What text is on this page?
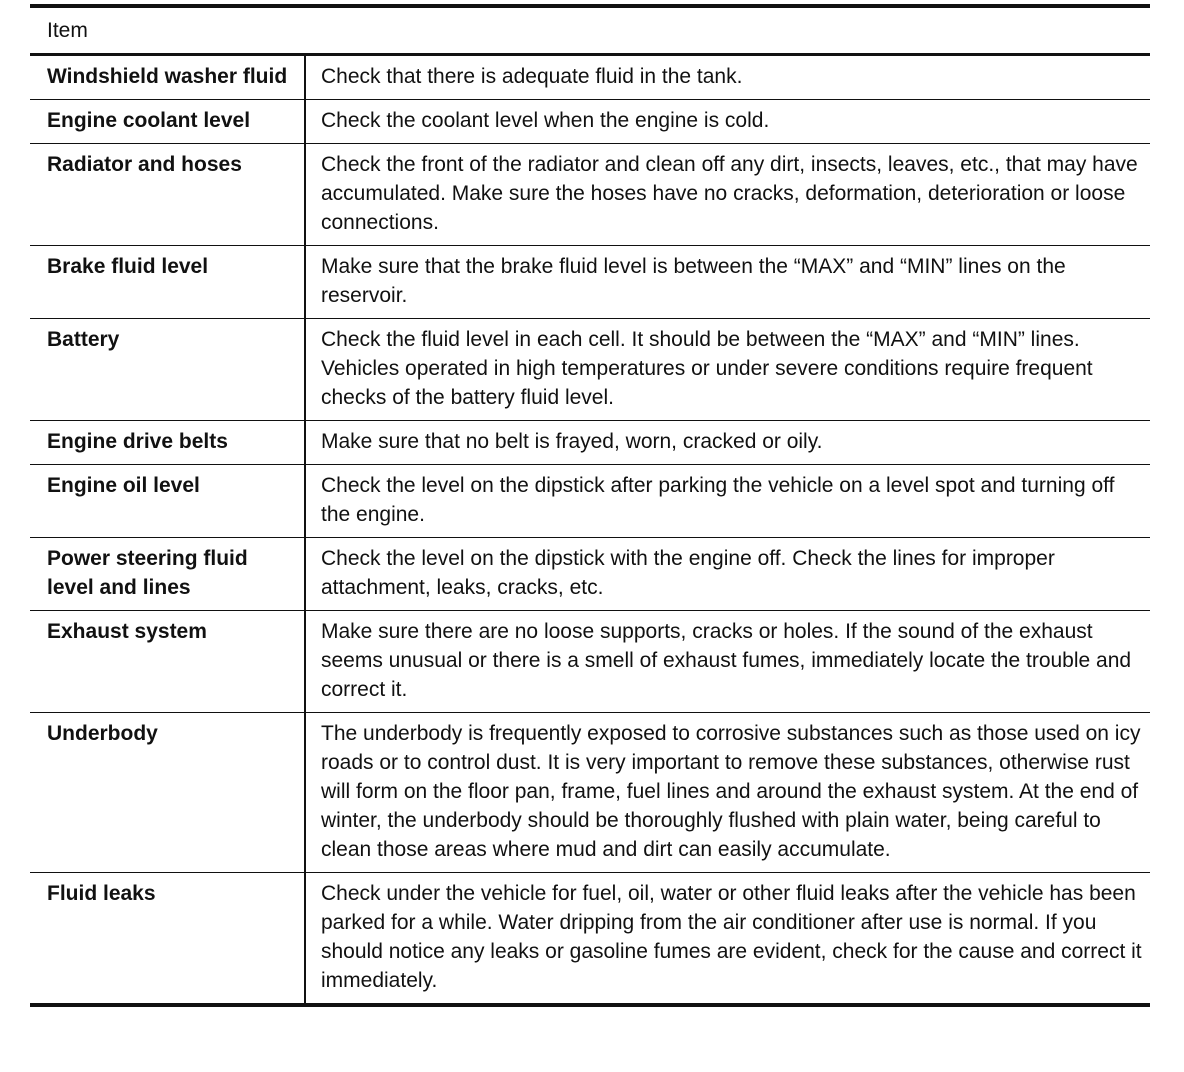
Item	
Windshield washer fluid	Check that there is adequate fluid in the tank.
Engine coolant level	Check the coolant level when the engine is cold.
Radiator and hoses	Check the front of the radiator and clean off any dirt, insects, leaves, etc., that may have accumulated. Make sure the hoses have no cracks, deformation, deterioration or loose connections.
Brake fluid level	Make sure that the brake fluid level is between the “MAX” and “MIN” lines on the reservoir.
Battery	Check the fluid level in each cell. It should be between the “MAX” and “MIN” lines. Vehicles operated in high temperatures or under severe conditions require frequent checks of the battery fluid level.
Engine drive belts	Make sure that no belt is frayed, worn, cracked or oily.
Engine oil level	Check the level on the dipstick after parking the vehicle on a level spot and turning off the engine.
Power steering fluid level and lines	Check the level on the dipstick with the engine off. Check the lines for improper attachment, leaks, cracks, etc.
Exhaust system	Make sure there are no loose supports, cracks or holes. If the sound of the exhaust seems unusual or there is a smell of exhaust fumes, immediately locate the trouble and correct it.
Underbody	The underbody is frequently exposed to corrosive substances such as those used on icy roads or to control dust. It is very important to remove these substances, otherwise rust will form on the floor pan, frame, fuel lines and around the exhaust system. At the end of winter, the underbody should be thoroughly flushed with plain water, being careful to clean those areas where mud and dirt can easily accumulate.
Fluid leaks	Check under the vehicle for fuel, oil, water or other fluid leaks after the vehicle has been parked for a while. Water dripping from the air conditioner after use is normal. If you should notice any leaks or gasoline fumes are evident, check for the cause and correct it immediately.
